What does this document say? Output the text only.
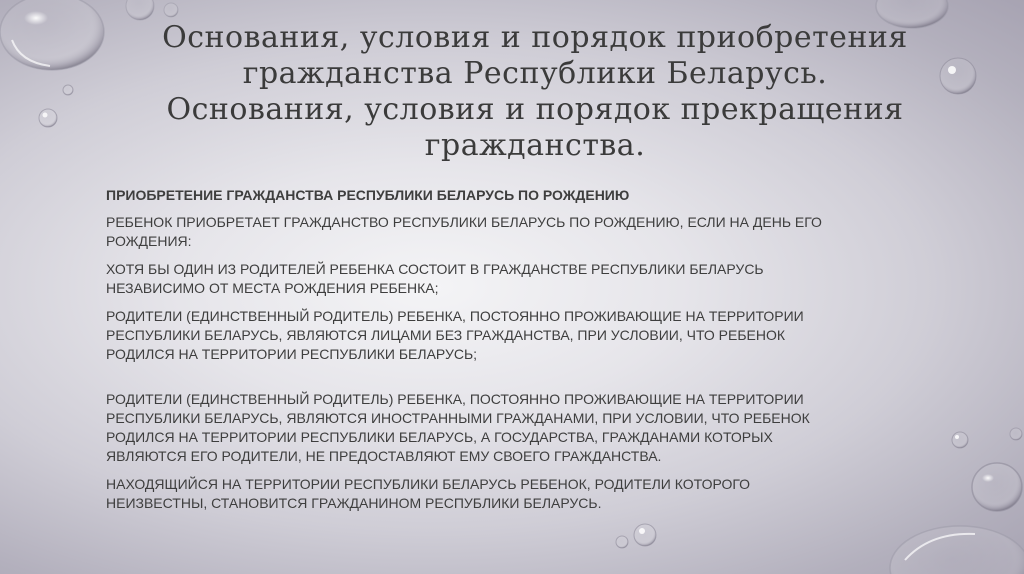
Основания, условия и порядок приобретения гражданства Республики Беларусь. Основания, условия и порядок прекращения гражданства.

ПРИОБРЕТЕНИЕ ГРАЖДАНСТВА РЕСПУБЛИКИ БЕЛАРУСЬ ПО РОЖДЕНИЮ

РЕБЕНОК ПРИОБРЕТАЕТ ГРАЖДАНСТВО РЕСПУБЛИКИ БЕЛАРУСЬ ПО РОЖДЕНИЮ, ЕСЛИ НА ДЕНЬ ЕГО РОЖДЕНИЯ:

ХОТЯ БЫ ОДИН ИЗ РОДИТЕЛЕЙ РЕБЕНКА СОСТОИТ В ГРАЖДАНСТВЕ РЕСПУБЛИКИ БЕЛАРУСЬ НЕЗАВИСИМО ОТ МЕСТА РОЖДЕНИЯ РЕБЕНКА;

РОДИТЕЛИ (ЕДИНСТВЕННЫЙ РОДИТЕЛЬ) РЕБЕНКА, ПОСТОЯННО ПРОЖИВАЮЩИЕ НА ТЕРРИТОРИИ РЕСПУБЛИКИ БЕЛАРУСЬ, ЯВЛЯЮТСЯ ЛИЦАМИ БЕЗ ГРАЖДАНСТВА, ПРИ УСЛОВИИ, ЧТО РЕБЕНОК РОДИЛСЯ НА ТЕРРИТОРИИ РЕСПУБЛИКИ БЕЛАРУСЬ;

РОДИТЕЛИ (ЕДИНСТВЕННЫЙ РОДИТЕЛЬ) РЕБЕНКА, ПОСТОЯННО ПРОЖИВАЮЩИЕ НА ТЕРРИТОРИИ РЕСПУБЛИКИ БЕЛАРУСЬ, ЯВЛЯЮТСЯ ИНОСТРАННЫМИ ГРАЖДАНАМИ, ПРИ УСЛОВИИ, ЧТО РЕБЕНОК РОДИЛСЯ НА ТЕРРИТОРИИ РЕСПУБЛИКИ БЕЛАРУСЬ, А ГОСУДАРСТВА, ГРАЖДАНАМИ КОТОРЫХ ЯВЛЯЮТСЯ ЕГО РОДИТЕЛИ, НЕ ПРЕДОСТАВЛЯЮТ ЕМУ СВОЕГО ГРАЖДАНСТВА.

НАХОДЯЩИЙСЯ НА ТЕРРИТОРИИ РЕСПУБЛИКИ БЕЛАРУСЬ РЕБЕНОК, РОДИТЕЛИ КОТОРОГО НЕИЗВЕСТНЫ, СТАНОВИТСЯ ГРАЖДАНИНОМ РЕСПУБЛИКИ БЕЛАРУСЬ.
